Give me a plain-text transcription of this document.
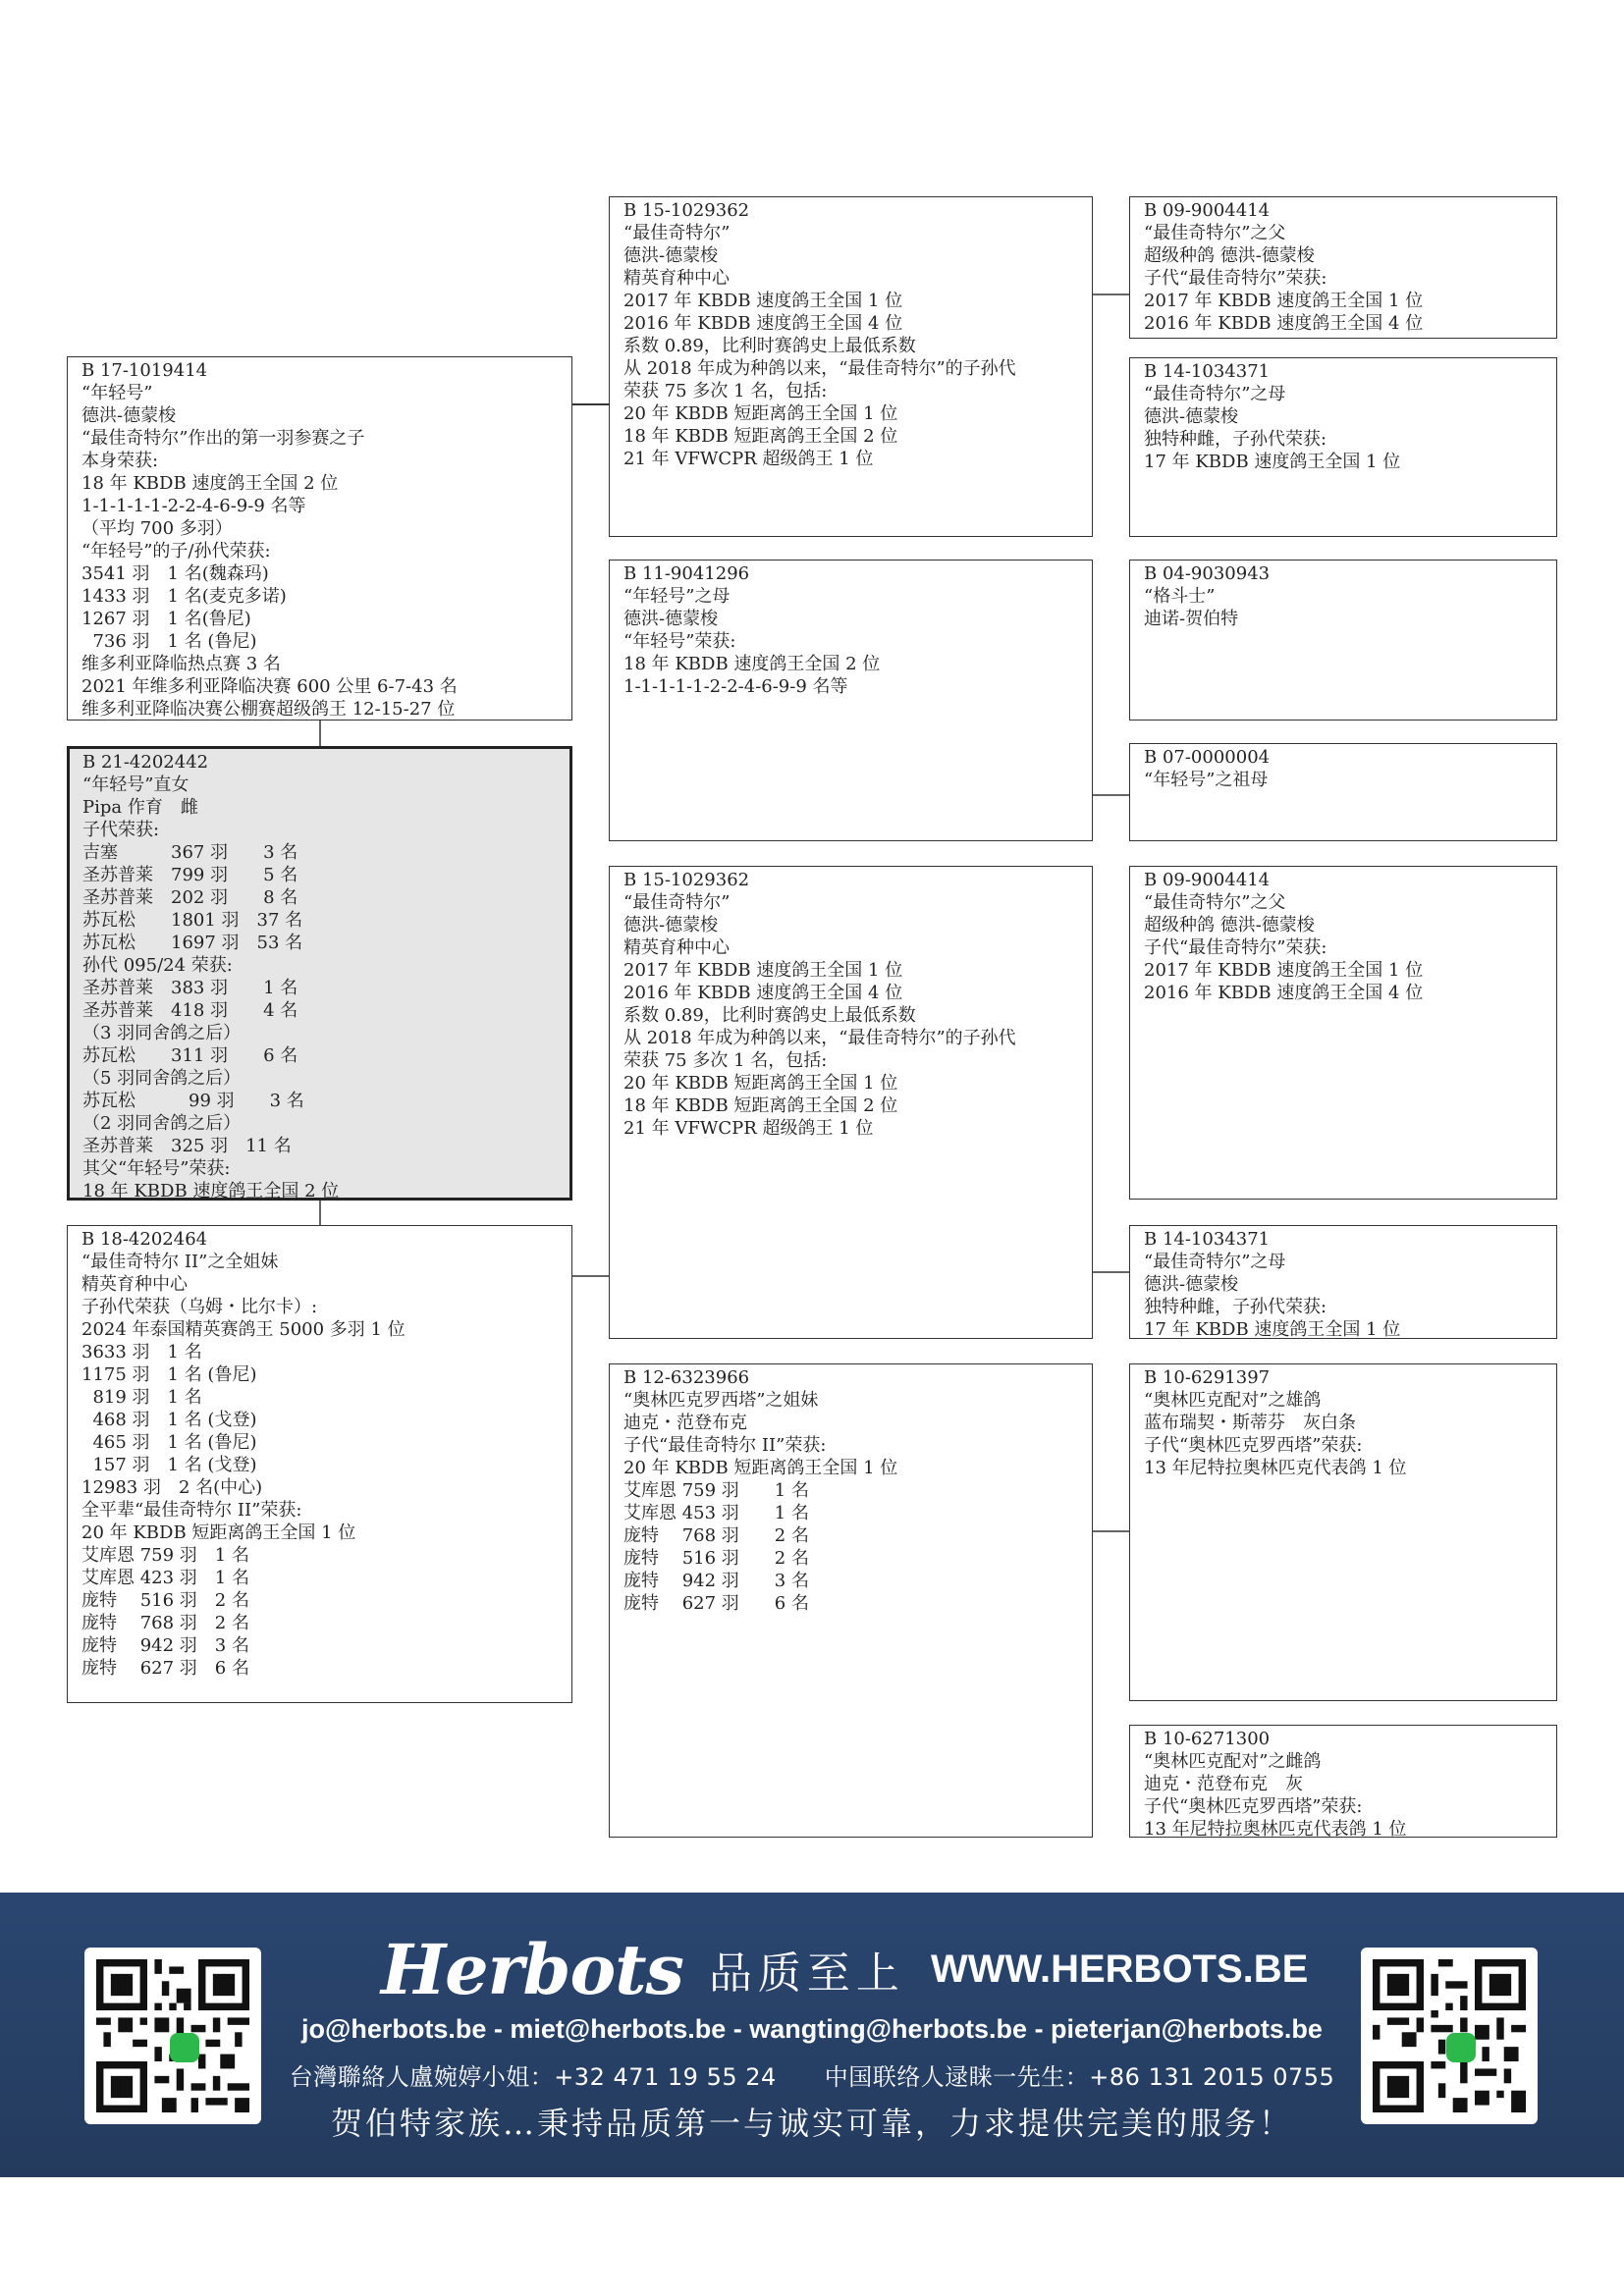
B 17-1019414
“年轻号”
德洪-德蒙梭
“最佳奇特尔”作出的第一羽参赛之子
本身荣获:
18 年 KBDB 速度鸽王全国 2 位
1-1-1-1-1-2-2-4-6-9-9 名等
（平均 700 多羽）
“年轻号”的子/孙代荣获:
3541 羽　1 名(魏森玛)
1433 羽　1 名(麦克多诺)
1267 羽　1 名(鲁尼)
736 羽　1 名 (鲁尼)
维多利亚降临热点赛 3 名
2021 年维多利亚降临决赛 600 公里 6-7-43 名
维多利亚降临决赛公棚赛超级鸽王 12-15-27 位
B 21-4202442
“年轻号”直女
Pipa 作育　雌
子代荣获:
吉塞　　　367 羽　　3 名
圣苏普莱　799 羽　　5 名
圣苏普莱　202 羽　　8 名
苏瓦松　　1801 羽　37 名
苏瓦松　　1697 羽　53 名
孙代 095/24 荣获:
圣苏普莱　383 羽　　1 名
圣苏普莱　418 羽　　4 名
（3 羽同舍鸽之后）
苏瓦松　　311 羽　　6 名
（5 羽同舍鸽之后）
苏瓦松　　　99 羽　　3 名
（2 羽同舍鸽之后）
圣苏普莱　325 羽　11 名
其父“年轻号”荣获:
18 年 KBDB 速度鸽王全国 2 位
B 18-4202464
“最佳奇特尔 II”之全姐妹
精英育种中心
子孙代荣获（乌姆・比尔卡）:
2024 年泰国精英赛鸽王 5000 多羽 1 位
3633 羽　1 名
1175 羽　1 名 (鲁尼)
819 羽　1 名
468 羽　1 名 (戈登)
465 羽　1 名 (鲁尼)
157 羽　1 名 (戈登)
12983 羽　2 名(中心)
全平辈“最佳奇特尔 II”荣获:
20 年 KBDB 短距离鸽王全国 1 位
艾库恩 759 羽　1 名
艾库恩 423 羽　1 名
庞特　 516 羽　2 名
庞特　 768 羽　2 名
庞特　 942 羽　3 名
庞特　 627 羽　6 名
B 15-1029362
“最佳奇特尔”
德洪-德蒙梭
精英育种中心
2017 年 KBDB 速度鸽王全国 1 位
2016 年 KBDB 速度鸽王全国 4 位
系数 0.89，比利时赛鸽史上最低系数
从 2018 年成为种鸽以来，“最佳奇特尔”的子孙代
荣获 75 多次 1 名，包括:
20 年 KBDB 短距离鸽王全国 1 位
18 年 KBDB 短距离鸽王全国 2 位
21 年 VFWCPR 超级鸽王 1 位
B 11-9041296
“年轻号”之母
德洪-德蒙梭
“年轻号”荣获:
18 年 KBDB 速度鸽王全国 2 位
1-1-1-1-1-2-2-4-6-9-9 名等
B 15-1029362
“最佳奇特尔”
德洪-德蒙梭
精英育种中心
2017 年 KBDB 速度鸽王全国 1 位
2016 年 KBDB 速度鸽王全国 4 位
系数 0.89，比利时赛鸽史上最低系数
从 2018 年成为种鸽以来，“最佳奇特尔”的子孙代
荣获 75 多次 1 名，包括:
20 年 KBDB 短距离鸽王全国 1 位
18 年 KBDB 短距离鸽王全国 2 位
21 年 VFWCPR 超级鸽王 1 位
B 12-6323966
“奥林匹克罗西塔”之姐妹
迪克・范登布克
子代“最佳奇特尔 II”荣获:
20 年 KBDB 短距离鸽王全国 1 位
艾库恩 759 羽　　1 名
艾库恩 453 羽　　1 名
庞特　 768 羽　　2 名
庞特　 516 羽　　2 名
庞特　 942 羽　　3 名
庞特　 627 羽　　6 名
B 09-9004414
“最佳奇特尔”之父
超级种鸽 德洪-德蒙梭
子代“最佳奇特尔”荣获:
2017 年 KBDB 速度鸽王全国 1 位
2016 年 KBDB 速度鸽王全国 4 位
B 14-1034371
“最佳奇特尔”之母
德洪-德蒙梭
独特种雌，子孙代荣获:
17 年 KBDB 速度鸽王全国 1 位
B 04-9030943
“格斗士”
迪诺-贺伯特
B 07-0000004
“年轻号”之祖母
B 09-9004414
“最佳奇特尔”之父
超级种鸽 德洪-德蒙梭
子代“最佳奇特尔”荣获:
2017 年 KBDB 速度鸽王全国 1 位
2016 年 KBDB 速度鸽王全国 4 位
B 14-1034371
“最佳奇特尔”之母
德洪-德蒙梭
独特种雌，子孙代荣获:
17 年 KBDB 速度鸽王全国 1 位
B 10-6291397
“奥林匹克配对”之雄鸽
蓝布瑞契・斯蒂芬　灰白条
子代“奥林匹克罗西塔”荣获:
13 年尼特拉奥林匹克代表鸽 1 位
B 10-6271300
“奥林匹克配对”之雌鸽
迪克・范登布克　灰
子代“奥林匹克罗西塔”荣获:
13 年尼特拉奥林匹克代表鸽 1 位
Herbots 品质至上 WWW.HERBOTS.BE
jo@herbots.be - miet@herbots.be - wangting@herbots.be - pieterjan@herbots.be
台灣聯絡人盧婉婷小姐：+32 471 19 55 24　　中国联络人逯睐一先生：+86 131 2015 0755
贺伯特家族…秉持品质第一与诚实可靠，力求提供完美的服务！
